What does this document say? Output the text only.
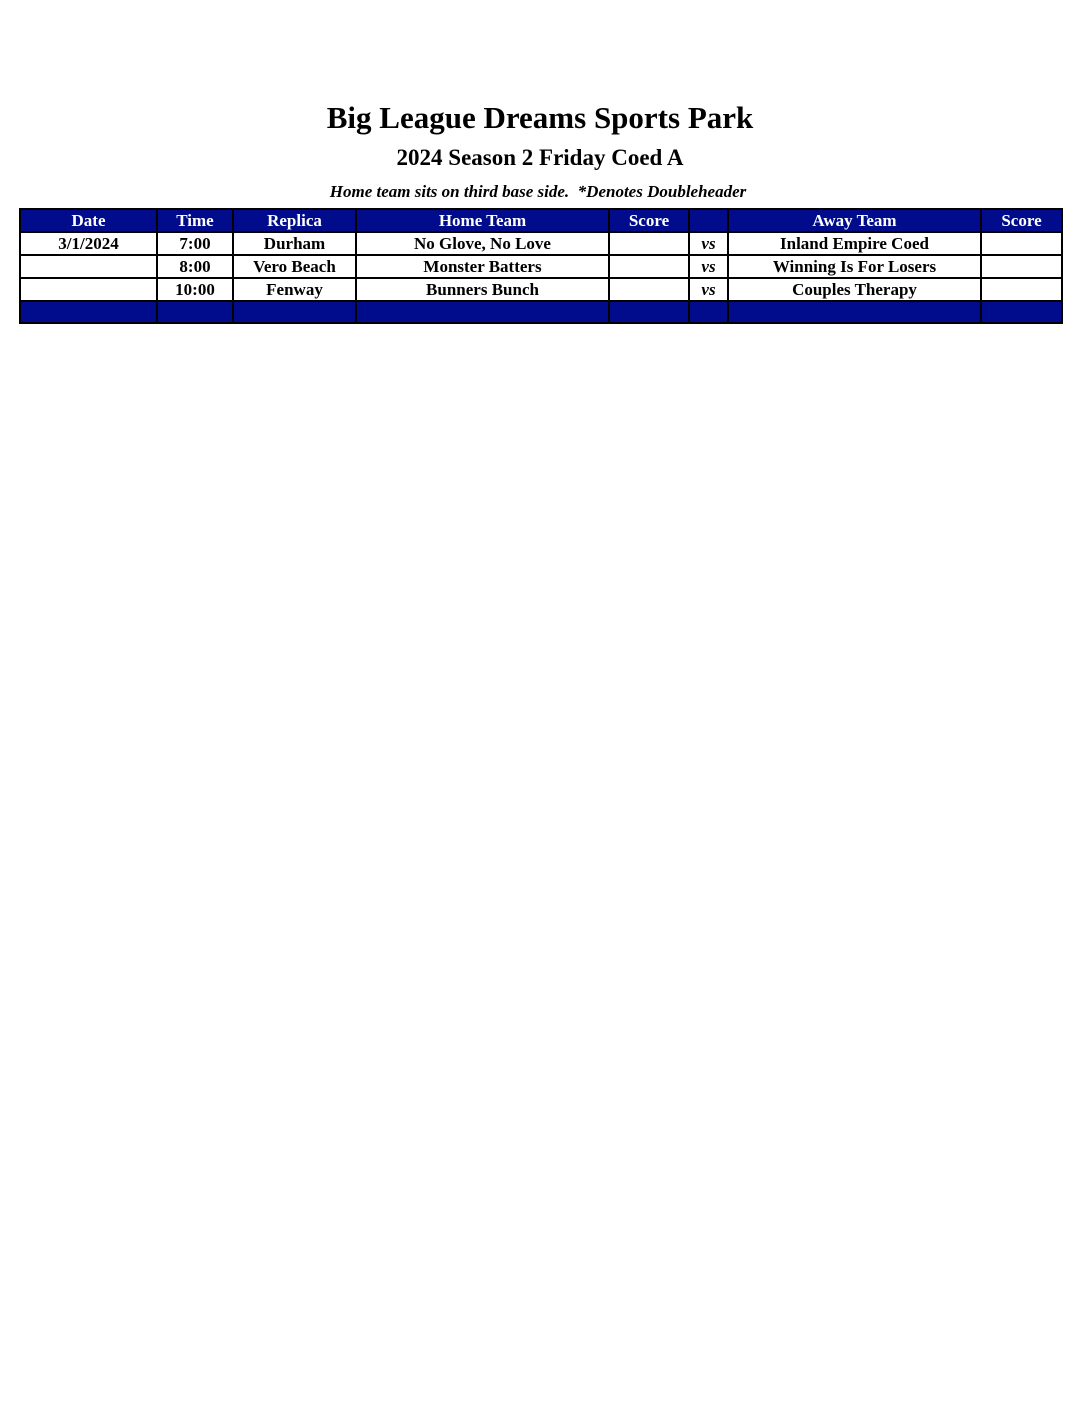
Big League Dreams Sports Park
2024 Season 2 Friday Coed A
Home team sits on third base side.  *Denotes Doubleheader
Date	Time	Replica	Home Team	Score		Away Team	Score
3/1/2024	7:00	Durham	No Glove, No Love		vs	Inland Empire Coed	
	8:00	Vero Beach	Monster Batters		vs	Winning Is For Losers	
	10:00	Fenway	Bunners Bunch		vs	Couples Therapy	
